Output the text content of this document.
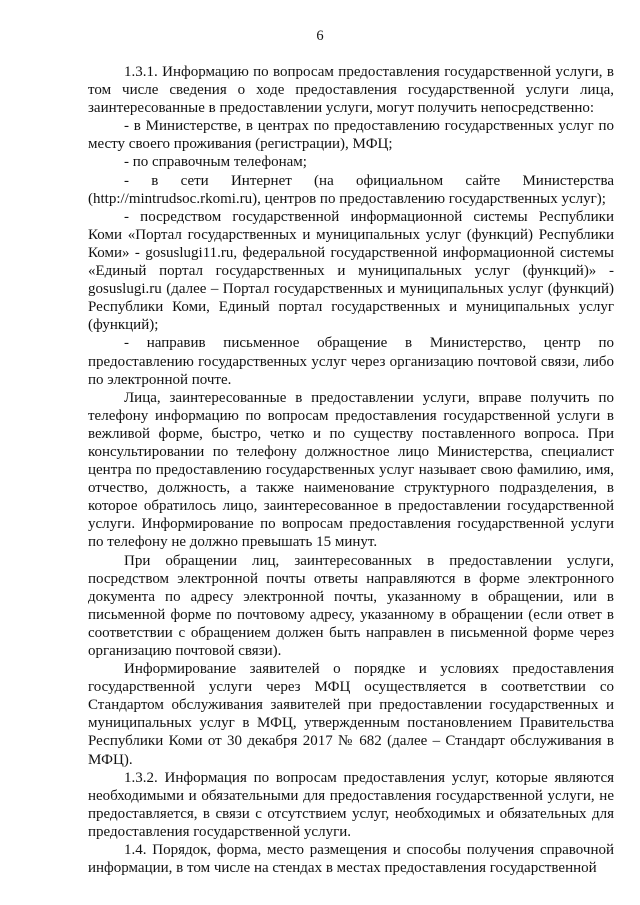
6

1.3.1. Информацию по вопросам предоставления государственной услуги, в том числе сведения о ходе предоставления государственной услуги лица, заинтересованные в предоставлении услуги, могут получить непосредственно:

- в Министерстве, в центрах по предоставлению государственных услуг по месту своего проживания (регистрации), МФЦ;

- по справочным телефонам;

- в сети Интернет (на официальном сайте Министерства (http://mintrudsoc.rkomi.ru), центров по предоставлению государственных услуг);

- посредством государственной информационной системы Республики Коми «Портал государственных и муниципальных услуг (функций) Республики Коми» - gosuslugi11.ru, федеральной государственной информационной системы «Единый портал государственных и муниципальных услуг (функций)» - gosuslugi.ru (далее – Портал государственных и муниципальных услуг (функций) Республики Коми, Единый портал государственных и муниципальных услуг (функций);

- направив письменное обращение в Министерство, центр по предоставлению государственных услуг через организацию почтовой связи, либо по электронной почте.

Лица, заинтересованные в предоставлении услуги, вправе получить по телефону информацию по вопросам предоставления государственной услуги в вежливой форме, быстро, четко и по существу поставленного вопроса. При консультировании по телефону должностное лицо Министерства, специалист центра по предоставлению государственных услуг называет свою фамилию, имя, отчество, должность, а также наименование структурного подразделения, в которое обратилось лицо, заинтересованное в предоставлении государственной услуги. Информирование по вопросам предоставления государственной услуги по телефону не должно превышать 15 минут.

При обращении лиц, заинтересованных в предоставлении услуги, посредством электронной почты ответы направляются в форме электронного документа по адресу электронной почты, указанному в обращении, или в письменной форме по почтовому адресу, указанному в обращении (если ответ в соответствии с обращением должен быть направлен в письменной форме через организацию почтовой связи).

Информирование заявителей о порядке и условиях предоставления государственной услуги через МФЦ осуществляется в соответствии со Стандартом обслуживания заявителей при предоставлении государственных и муниципальных услуг в МФЦ, утвержденным постановлением Правительства Республики Коми от 30 декабря 2017 № 682 (далее – Стандарт обслуживания в МФЦ).

1.3.2. Информация по вопросам предоставления услуг, которые являются необходимыми и обязательными для предоставления государственной услуги, не предоставляется, в связи с отсутствием услуг, необходимых и обязательных для предоставления государственной услуги.

1.4. Порядок, форма, место размещения и способы получения справочной информации, в том числе на стендах в местах предоставления государственной
